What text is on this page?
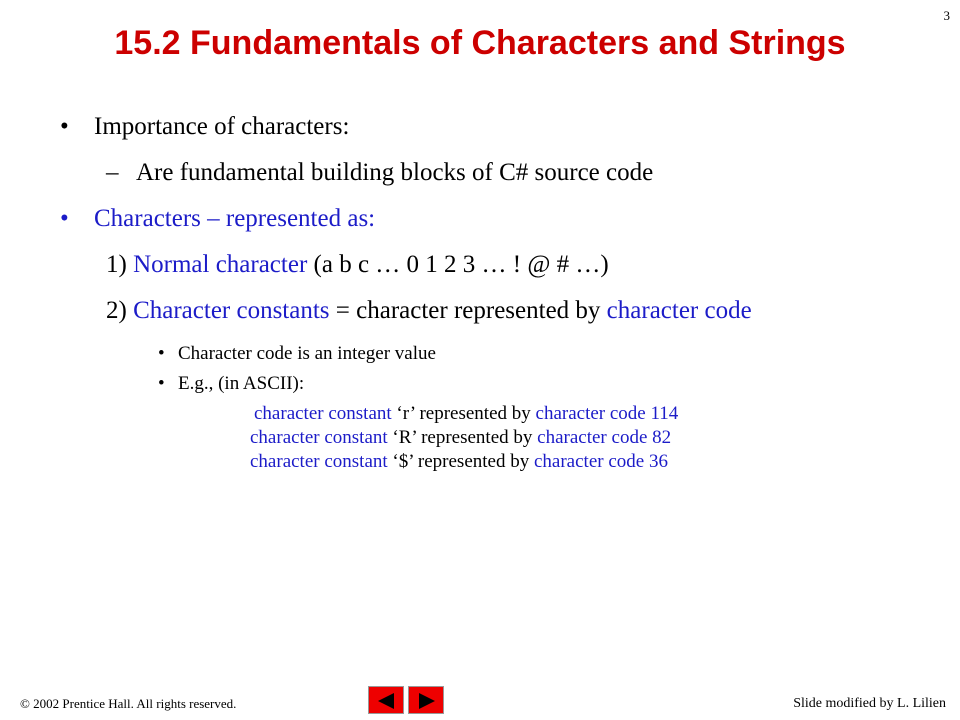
3
15.2 Fundamentals of Characters and Strings
• Importance of characters:
– Are fundamental building blocks of C# source code
• Characters – represented as:
1) Normal character (a b c … 0 1 2 3 … ! @ # …)
2) Character constants = character represented by character code
• Character code is an integer value
• E.g., (in ASCII):
character constant ‘r’ represented by character code 114
character constant ‘R’ represented by character code 82
character constant ‘$’ represented by character code 36
© 2002 Prentice Hall. All rights reserved.	Slide modified by L. Lilien
